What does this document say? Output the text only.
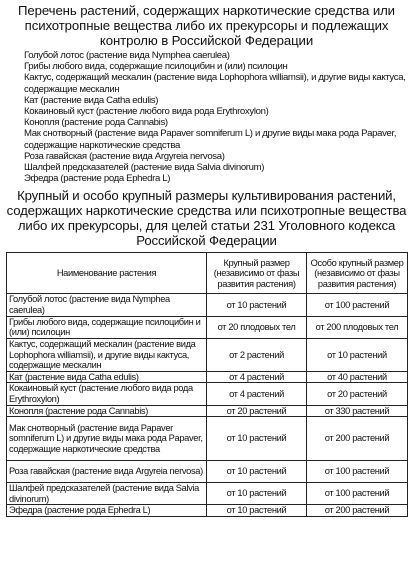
Перечень растений, содержащих наркотические средства или психотропные вещества либо их прекурсоры и подлежащих контролю в Российской Федерации
Голубой лотос (растение вида Nymphea caerulea)
Грибы любого вида, содержащие псилоцибин и (или) псилоцин
Кактус, содержащий мескалин (растение вида Lophophora williamsii), и другие виды кактуса, содержащие мескалин
Кат (растение вида Catha edulis)
Кокаиновый куст (растение любого вида рода Erythroxylon)
Конопля (растение рода Cannabis)
Мак снотворный (растение вида Papaver somniferum L) и другие виды мака рода Papaver, содержащие наркотические средства
Роза гавайская (растение вида Argyreia nervosa)
Шалфей предсказателей (растение вида Salvia divinorum)
Эфедра (растение рода Ephedra L)
Крупный и особо крупный размеры культивирования растений, содержащих наркотические средства или психотропные вещества либо их прекурсоры, для целей статьи 231 Уголовного кодекса Российской Федерации
Наименование растения	Крупный размер (независимо от фазы развития растения)	Особо крупный размер (независимо от фазы развития растения)
Голубой лотос (растение вида Nymphea caerulea)	от 10 растений	от 100 растений
Грибы любого вида, содержащие псилоцибин и (или) псилоцин	от 20 плодовых тел	от 200 плодовых тел
Кактус, содержащий мескалин (растение вида Lophophora williamsii), и другие виды кактуса, содержащие мескалин	от 2 растений	от 10 растений
Кат (растение вида Catha edulis)	от 4 растений	от 40 растений
Кокаиновый куст (растение любого вида рода Erythroxylon)	от 4 растений	от 20 растений
Конопля (растение рода Cannabis)	от 20 растений	от 330 растений
Мак снотворный (растение вида Papaver somniferum L) и другие виды мака рода Papaver, содержащие наркотические средства	от 10 растений	от 200 растений
Роза гавайская (растение вида Argyreia nervosa)	от 10 растений	от 100 растений
Шалфей предсказателей (растение вида Salvia divinorum)	от 10 растений	от 100 растений
Эфедра (растение рода Ephedra L)	от 10 растений	от 200 растений
